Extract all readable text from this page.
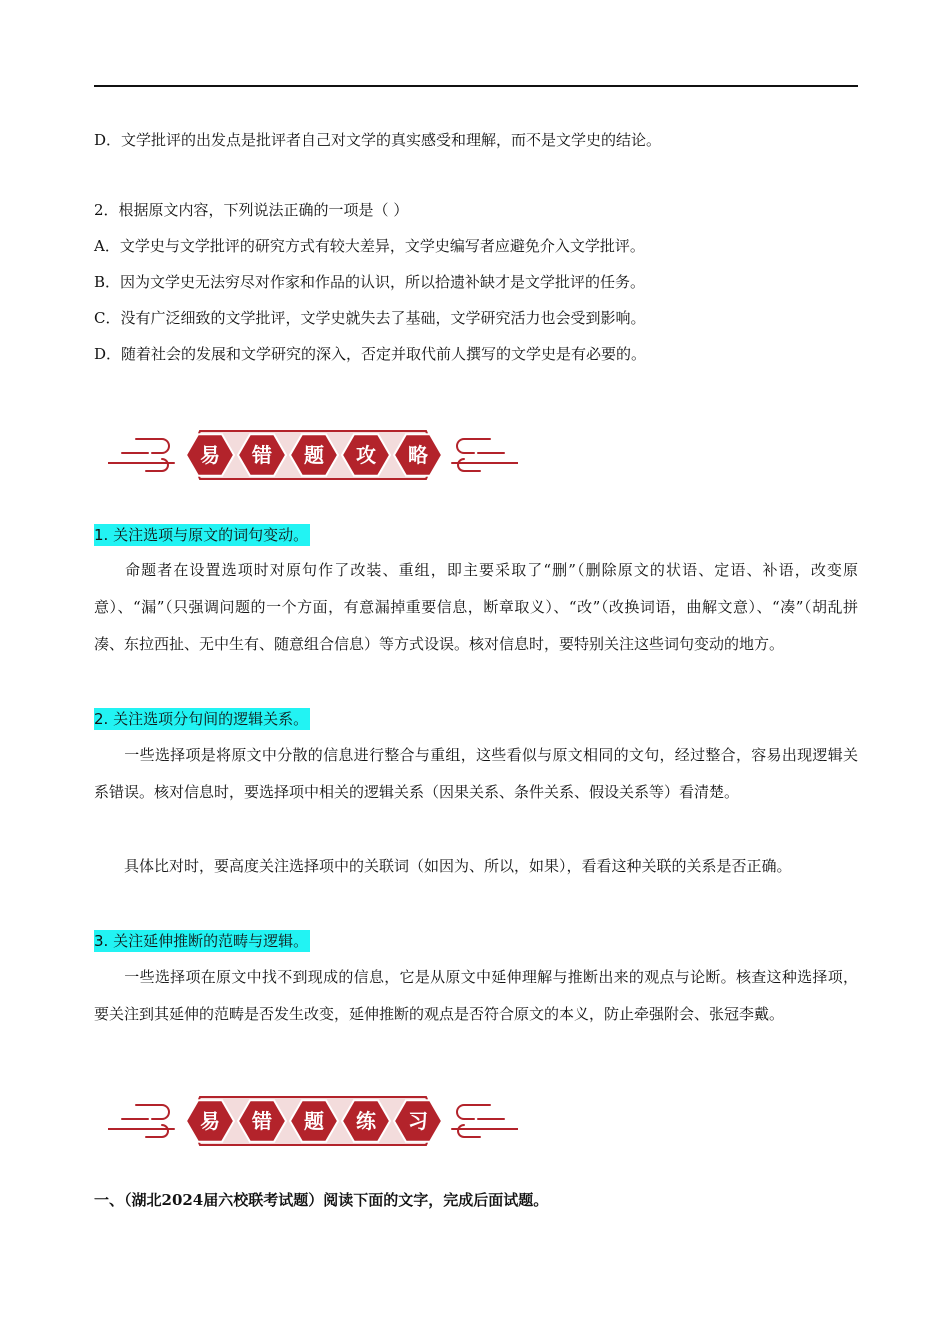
D．文学批评的出发点是批评者自己对文学的真实感受和理解，而不是文学史的结论。
2．根据原文内容，下列说法正确的一项是（ ）
A．文学史与文学批评的研究方式有较大差异，文学史编写者应避免介入文学批评。
B．因为文学史无法穷尽对作家和作品的认识，所以拾遗补缺才是文学批评的任务。
C．没有广泛细致的文学批评，文学史就失去了基础，文学研究活力也会受到影响。
D．随着社会的发展和文学研究的深入，否定并取代前人撰写的文学史是有必要的。
易 错 题 攻 略
1. 关注选项与原文的词句变动。
命题者在设置选项时对原句作了改装、重组，即主要采取了“删”（删除原文的状语、定语、补语，改变原意）、“漏”（只强调问题的一个方面，有意漏掉重要信息，断章取义）、“改”（改换词语，曲解文意）、“凑”（胡乱拼凑、东拉西扯、无中生有、随意组合信息）等方式设误。核对信息时，要特别关注这些词句变动的地方。
2. 关注选项分句间的逻辑关系。
一些选择项是将原文中分散的信息进行整合与重组，这些看似与原文相同的文句，经过整合，容易出现逻辑关系错误。核对信息时，要选择项中相关的逻辑关系（因果关系、条件关系、假设关系等）看清楚。
具体比对时，要高度关注选择项中的关联词（如因为、所以，如果），看看这种关联的关系是否正确。
3. 关注延伸推断的范畴与逻辑。
一些选择项在原文中找不到现成的信息，它是从原文中延伸理解与推断出来的观点与论断。核查这种选择项，要关注到其延伸的范畴是否发生改变，延伸推断的观点是否符合原文的本义，防止牵强附会、张冠李戴。
易 错 题 练 习
一、（湖北2024届六校联考试题）阅读下面的文字，完成后面试题。
